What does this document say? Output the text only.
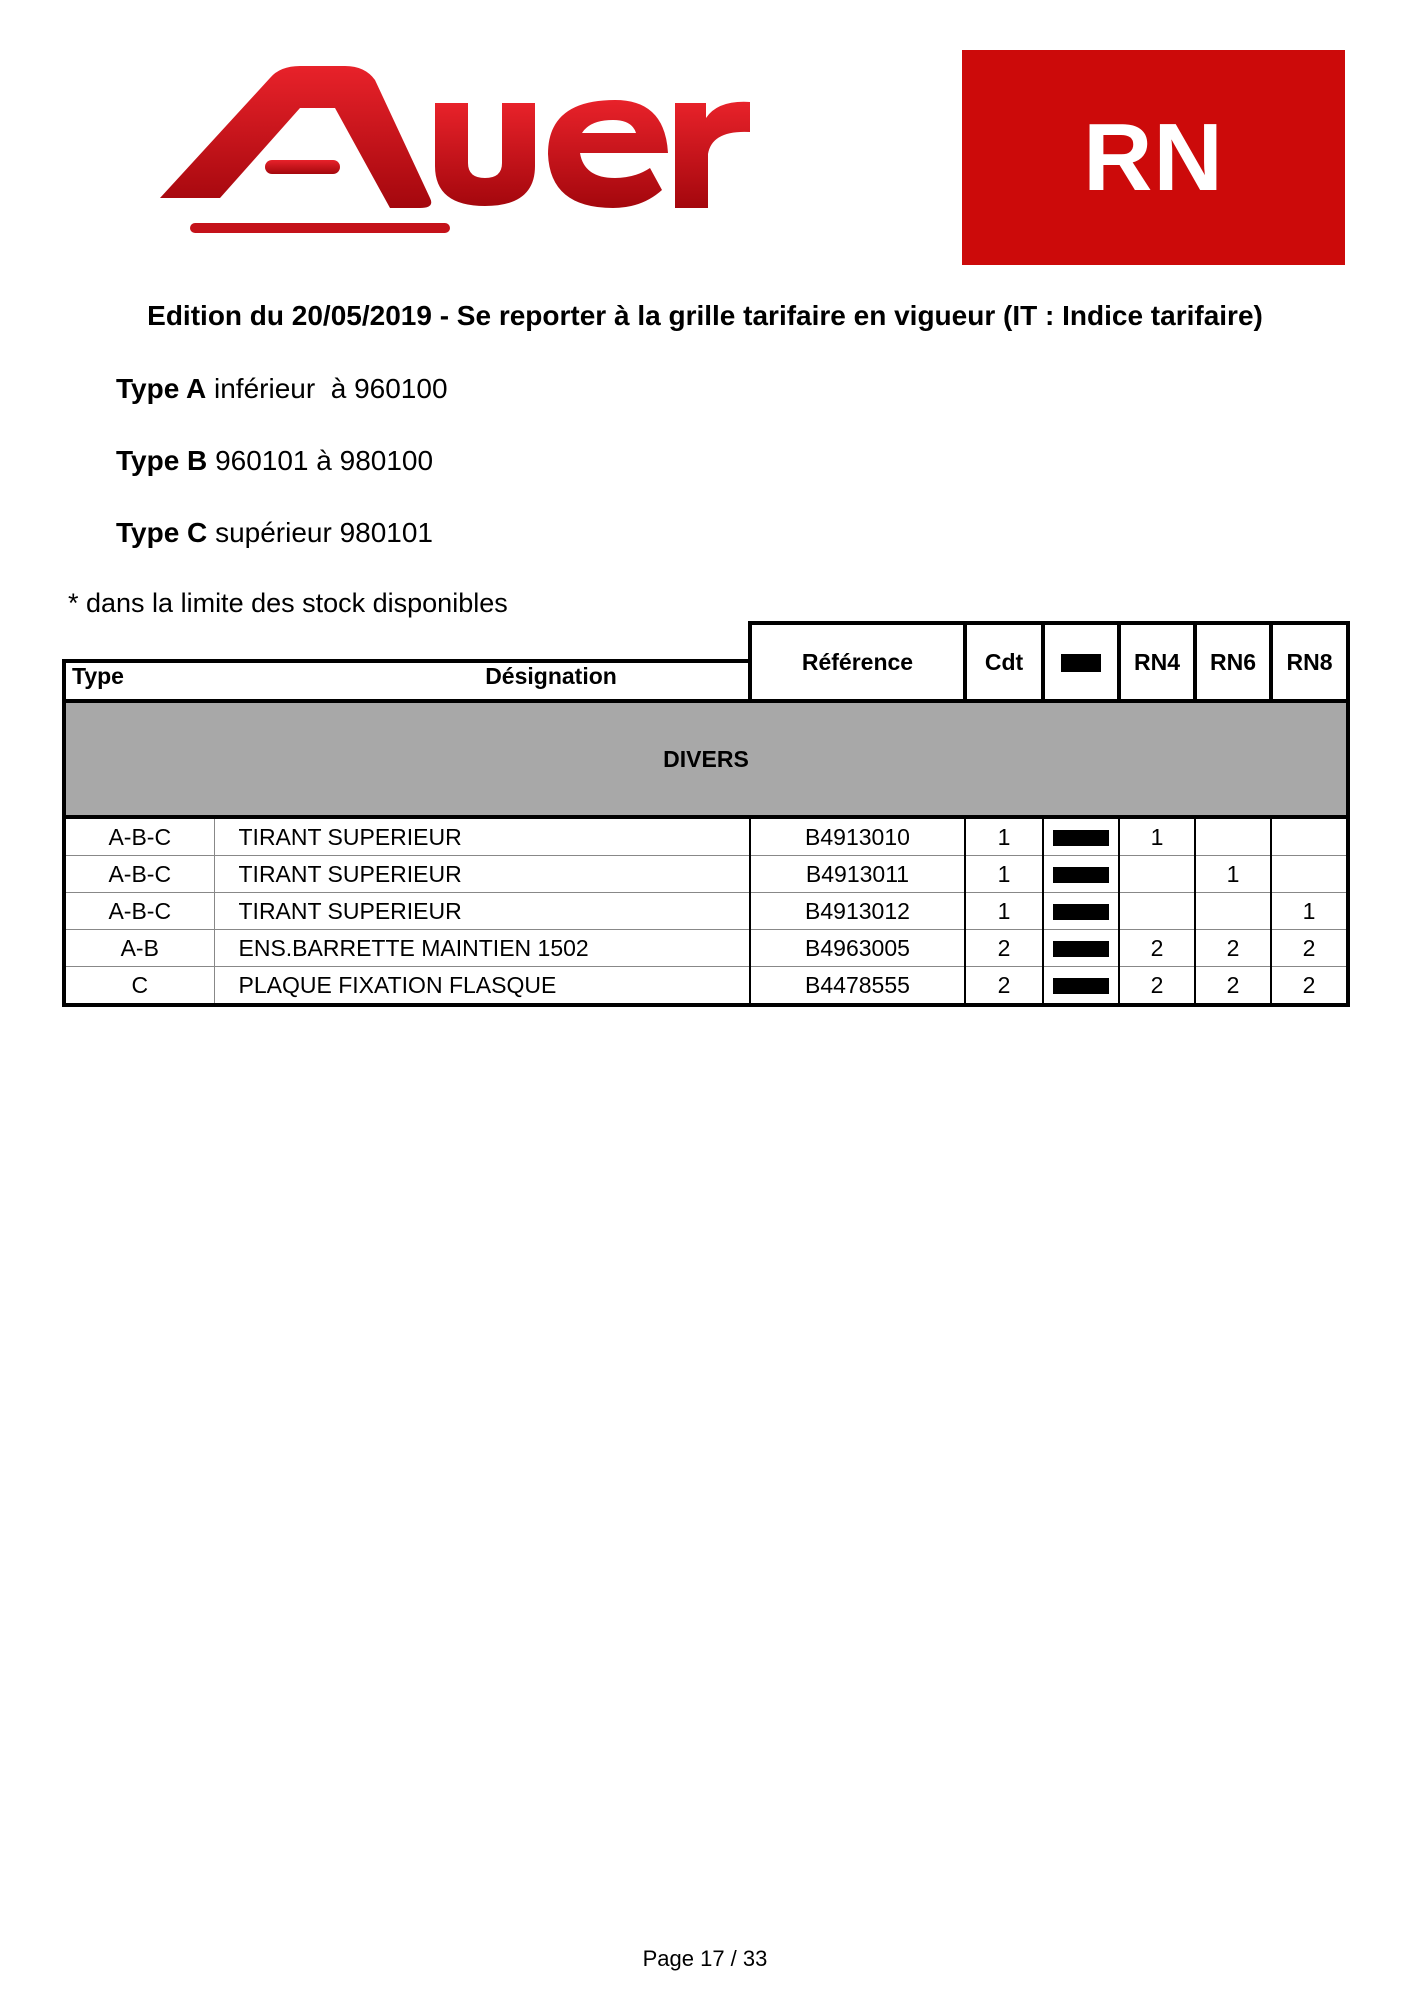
RN
Edition du 20/05/2019 - Se reporter à la grille tarifaire en vigueur (IT : Indice tarifaire)
Type A inférieur  à 960100
Type B 960101 à 980100
Type C supérieur 980101
* dans la limite des stock disponibles
		Référence	Cdt		RN4	RN6	RN8
Type	Désignation						
DIVERS							
A-B-C	TIRANT SUPERIEUR	B4913010	1		1		
A-B-C	TIRANT SUPERIEUR	B4913011	1			1	
A-B-C	TIRANT SUPERIEUR	B4913012	1				1
A-B	ENS.BARRETTE MAINTIEN 1502	B4963005	2		2	2	2
C	PLAQUE FIXATION FLASQUE	B4478555	2		2	2	2
Page 17 / 33
